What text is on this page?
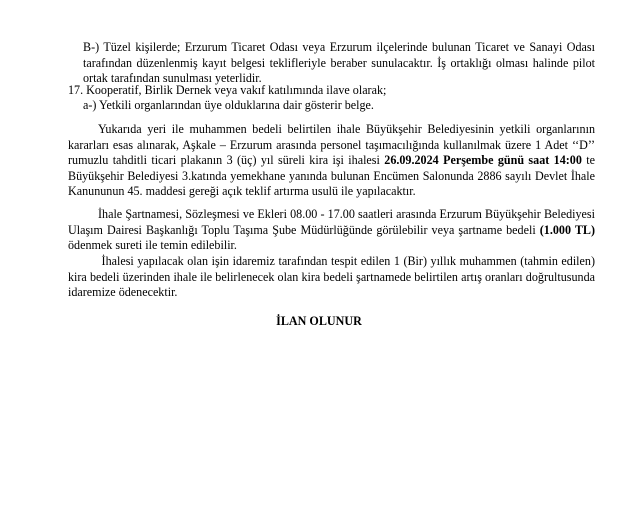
B-) Tüzel kişilerde; Erzurum Ticaret Odası veya Erzurum ilçelerinde bulunan Ticaret ve Sanayi Odası tarafından düzenlenmiş kayıt belgesi teklifleriyle beraber sunulacaktır. İş ortaklığı olması halinde pilot ortak tarafından sunulması yeterlidir.
17. Kooperatif, Birlik Dernek veya vakıf katılımında ilave olarak;
a-) Yetkili organlarından üye olduklarına dair gösterir belge.
Yukarıda yeri ile muhammen bedeli belirtilen ihale Büyükşehir Belediyesinin yetkili organlarının kararları esas alınarak, Aşkale – Erzurum arasında personel taşımacılığında kullanılmak üzere 1 Adet ‘‘D’’ rumuzlu tahditli ticari plakanın 3 (üç) yıl süreli kira işi ihalesi 26.09.2024 Perşembe günü saat 14:00 te Büyükşehir Belediyesi 3.katında yemekhane yanında bulunan Encümen Salonunda 2886 sayılı Devlet İhale Kanununun 45. maddesi gereği açık teklif artırma usulü ile yapılacaktır.
İhale Şartnamesi, Sözleşmesi ve Ekleri 08.00 - 17.00 saatleri arasında Erzurum Büyükşehir Belediyesi Ulaşım Dairesi Başkanlığı Toplu Taşıma Şube Müdürlüğünde görülebilir veya şartname bedeli (1.000 TL) ödenmek sureti ile temin edilebilir.
İhalesi yapılacak olan işin idaremiz tarafından tespit edilen 1 (Bir) yıllık muhammen (tahmin edilen) kira bedeli üzerinden ihale ile belirlenecek olan kira bedeli şartnamede belirtilen artış oranları doğrultusunda idaremize ödenecektir.
İLAN OLUNUR
